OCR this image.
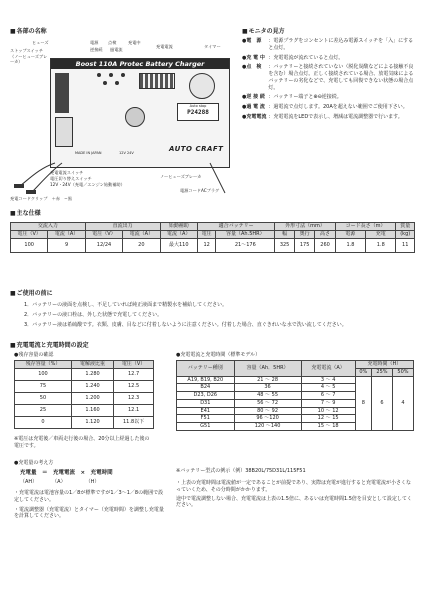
■ 各部の名称	■ モニタの見方
■ 主な仕様
■ ご使用の前に
■ 充電電流と充電時間の設定
ヒューズ	電源 点検	充電中
逆接続 過電流
充電電流	タイマー
ストップスイッチ（ノーヒューズブレーカ）	Boost 110A Protec Battery Charger
Auto stop
P24288
AUTO CRAFT
MADE IN JAPAN	12V 24V
充電電流スイッチ
電圧切り替えスイッチ
12V・24V（充電／エンジン始動補助）
ノーヒューズブレーカ
電源コードACプラグ
充電コードクリップ　＋赤　−黒
●電　源	：電源プラグをコンセントに差込み電源スイッチを「入」にすると点灯。
●充 電 中	：充電電流が流れていると点灯。
●点　検	：バッテリーと接続されていない（脱化炭酸などによる接触不良を含む）場合点灯。正しく接続されている場合、放電気味によるバッテリーの劣化などで、充電しても回復できない状態の場合点灯。
●逆 接 続	：バッテリー端子と⊕⊖逆接続。
●過 電 流	：過電流で点灯します。20Aを超えない範囲でご使用下さい。
●充電電流	：充電電流をLEDで表示し、増減は電流調整器で行います。
交流入力		直流出力		始動補助	適合バッテリー		外形寸法（mm）			コード長さ（m）		質量
電圧（V）	電流（A）	電圧（V）	電流（A）	電流（A）	電圧	容量（Ah.5HR）	幅	奥行	高さ	電源	充電	(kg)
100	9	12/24	20	最大110	12	21〜176	325	175	260	1.8	1.8	11
1．バッテリーの液面を点検し、不足していれば純正液面まで精製水を補給してください。
2．バッテリーの液口栓は、外した状態で充電してください。
3．バッテリー液は希硫酸です。衣類、皮膚、目などに付着しないように注意ください。付着した場合、直ぐきれいな水で洗い流してください。
●残存容量の確認
残存容量（%）	電解液比重	電圧（V）
100	1.280	12.7
75	1.240	12.5
50	1.200	12.3
25	1.160	12.1
0	1.120	11.8以下
※電圧は充電後／車両走行後の場合、20分以上経過した後の電圧です。
●充電量の考え方
充電量　＝　充電電流　×　充電時間
（AH）　　　　（A）　　　　　（H）
・充電電流は電池容量の1／8が標準ですが1／3〜1／8の範囲で設定してください。
・電流調整器（充電電流）とタイマー（充電時間）を調整し充電量を計算してください。
●充電電流と充電時間（標準モデル）
バッテリー種別	容量（Ah．5HR）	充電電流（A）	充電時間（H）		
			0%	25%	50%
A19, B19, B20	21 〜 28	3 〜 4	8	6	4
B24	36	4 〜 5			
D23, D26	48 〜 55	6 〜 7			
D31	56 〜 72	7 〜 9			
E41	80 〜 92	10 〜 12			
F51	96 〜120	12 〜 15			
G51	120 〜140	15 〜 18			
※バッテリー型式の例示（例）38B20L/75D31L/115F51
・上表の充電時間は電流値が一定であることが前提であり、実際は充電が進行すると充電電流が小さくなっていくため、その分時間がかかります。
途中で電流調整しない場合、充電電流は上表の1.5倍に、あるいは充電時間1.5倍を目安として設定してください。
